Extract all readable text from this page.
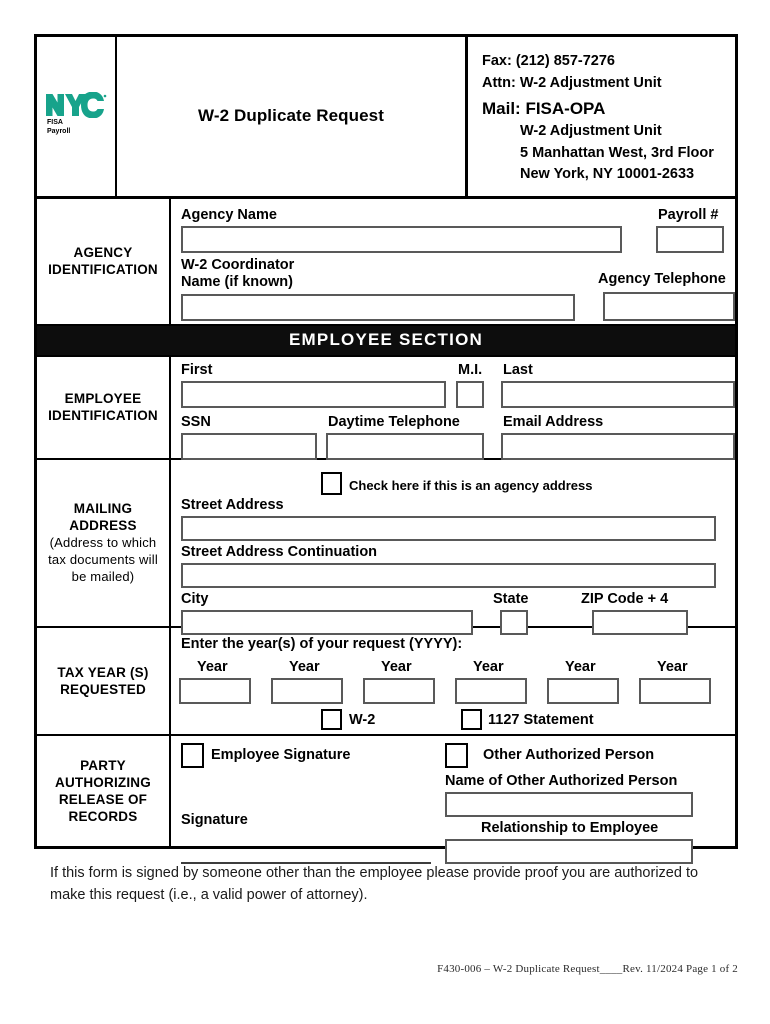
FISA
Payroll
W-2 Duplicate Request
Fax: (212) 857-7276
Attn: W-2 Adjustment Unit
Mail: FISA-OPA
W-2 Adjustment Unit
5 Manhattan West, 3rd Floor
New York, NY 10001-2633
AGENCY
IDENTIFICATION
Agency Name	Payroll #
W-2 Coordinator
Name (if known)	Agency Telephone
EMPLOYEE SECTION
EMPLOYEE
IDENTIFICATION
First	M.I. Last
SSN	Daytime Telephone	Email Address
MAILING
ADDRESS
(Address to which
tax documents will
be mailed)
Check here if this is an agency address
Street Address
Street Address Continuation
City	State	ZIP Code + 4
TAX YEAR (S)
REQUESTED
Enter the year(s) of your request (YYYY):
Year	Year	Year	Year	Year	Year
W-2	1127 Statement
PARTY
AUTHORIZING
RELEASE OF
RECORDS
Employee Signature	Other Authorized Person
Name of Other Authorized Person
Relationship to Employee
Signature
If this form is signed by someone other than the employee please provide proof you are authorized to
make this request (i.e., a valid power of attorney).
F430-006 – W-2 Duplicate Request____Rev. 11/2024 Page 1 of 2
